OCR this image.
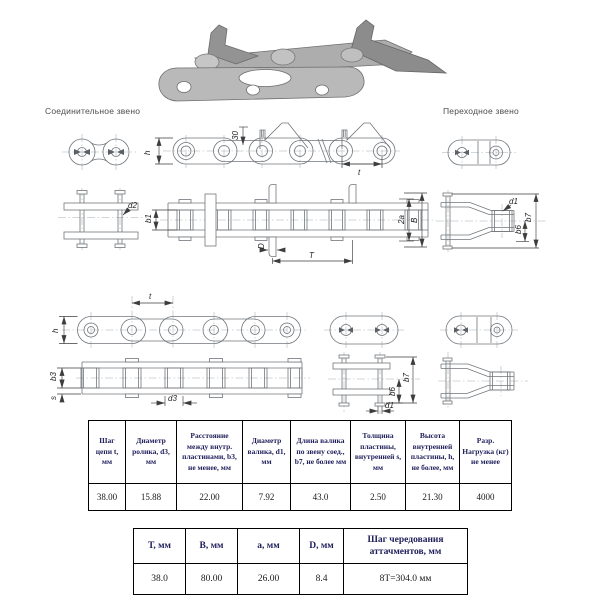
Соединительное звено	Переходное звено
h
30
t
d2
b1
D
T
2a B
d1
b6
b7
t
h
b3
s	d3
b6
b7
d1
Шаг цепи t, мм	Диаметр ролика, d3, мм	Расстояние между внутр. пластинами, b3, не менее, мм	Диаметр валика, d1, мм	Длина валика по звену соед., b7, не более мм	Толщина пластины, внутренней s, мм	Высота внутренней пластины, h, не более, мм	Разр. Нагрузка (кг) не менее
38.00	15.88	22.00	7.92	43.0	2.50	21.30	4000
Т, мм	В, мм	а, мм	D, мм	Шаг чередования аттачментов, мм
38.0	80.00	26.00	8.4	8Т=304.0 мм
